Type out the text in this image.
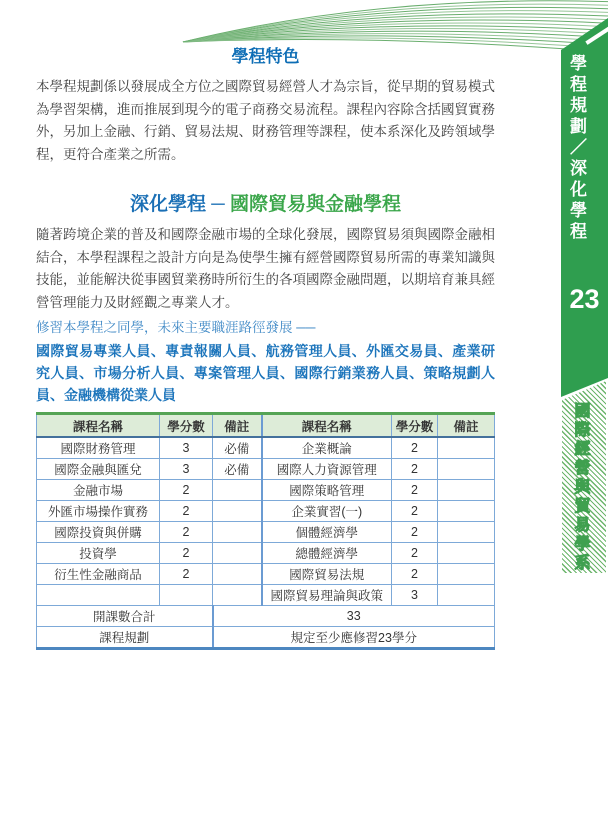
學程規劃／深化學程
23
國際經營與貿易學系
學程特色
本學程規劃係以發展成全方位之國際貿易經營人才為宗旨，從早期的貿易模式為學習架構，進而推展到現今的電子商務交易流程。課程內容除含括國貿實務外，另加上金融、行銷、貿易法規、財務管理等課程，使本系深化及跨領域學程，更符合產業之所需。
深化學程 ─ 國際貿易與金融學程
隨著跨境企業的普及和國際金融市場的全球化發展，國際貿易須與國際金融相結合，本學程課程之設計方向是為使學生擁有經營國際貿易所需的專業知識與技能，並能解決從事國貿業務時所衍生的各項國際金融問題，以期培育兼具經營管理能力及財經觀之專業人才。
修習本學程之同學，未來主要職涯路徑發展 ──
國際貿易專業人員、專責報關人員、航務管理人員、外匯交易員、產業研究人員、市場分析人員、專案管理人員、國際行銷業務人員、策略規劃人員、金融機構從業人員
課程名稱	學分數	備註	課程名稱	學分數	備註
國際財務管理	3	必備	企業概論	2	
國際金融與匯兌	3	必備	國際人力資源管理	2	
金融市場	2		國際策略管理	2	
外匯市場操作實務	2		企業實習(一)	2	
國際投資與併購	2		個體經濟學	2	
投資學	2		總體經濟學	2	
衍生性金融商品	2		國際貿易法規	2	
			國際貿易理論與政策	3	
開課數合計		33			
課程規劃		規定至少應修習23學分			
